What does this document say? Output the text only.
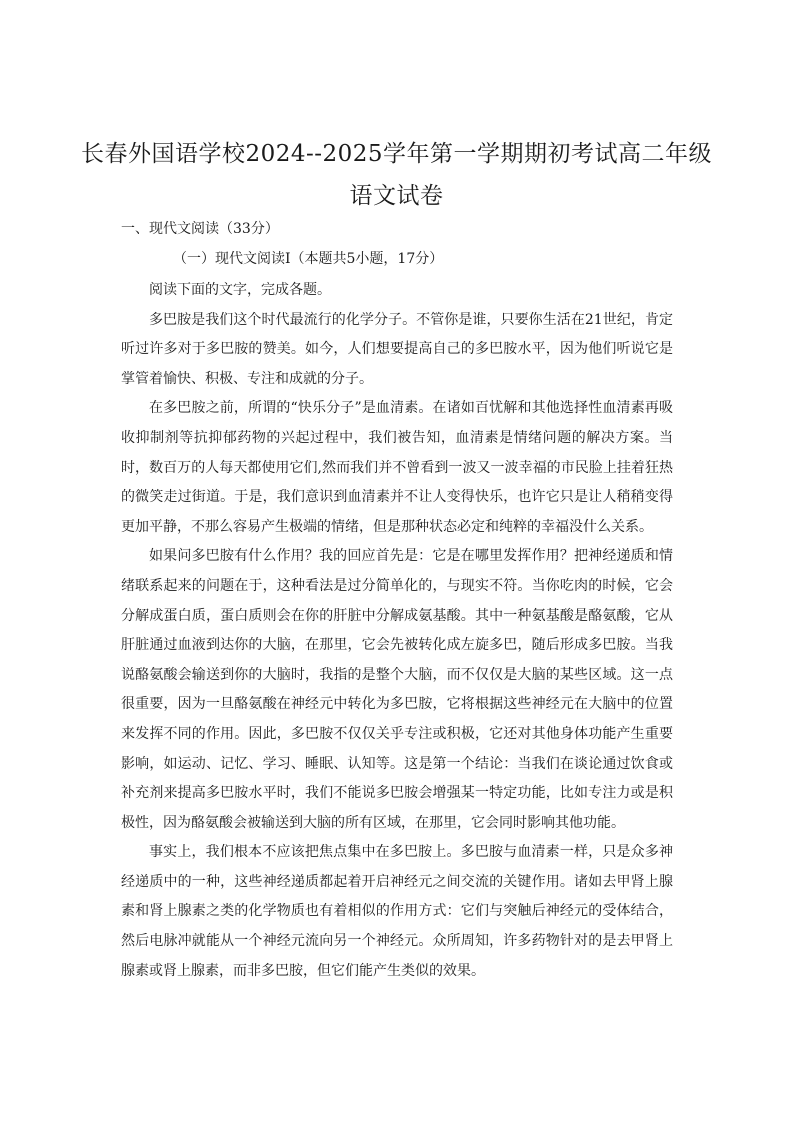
长春外国语学校2024--2025学年第一学期期初考试高二年级
语文试卷
一、现代文阅读（33分）
（一）现代文阅读I（本题共5小题，17分）

阅读下面的文字，完成各题。

多巴胺是我们这个时代最流行的化学分子。不管你是谁，只要你生活在21世纪，肯定听过许多对于多巴胺的赞美。如今，人们想要提高自己的多巴胺水平，因为他们听说它是掌管着愉快、积极、专注和成就的分子。

在多巴胺之前，所谓的“快乐分子”是血清素。在诸如百忧解和其他选择性血清素再吸收抑制剂等抗抑郁药物的兴起过程中，我们被告知，血清素是情绪问题的解决方案。当时，数百万的人每天都使用它们,然而我们并不曾看到一波又一波幸福的市民脸上挂着狂热的微笑走过街道。于是，我们意识到血清素并不让人变得快乐，也许它只是让人稍稍变得更加平静，不那么容易产生极端的情绪，但是那种状态必定和纯粹的幸福没什么关系。

如果问多巴胺有什么作用？我的回应首先是：它是在哪里发挥作用？把神经递质和情绪联系起来的问题在于，这种看法是过分简单化的，与现实不符。当你吃肉的时候，它会分解成蛋白质，蛋白质则会在你的肝脏中分解成氨基酸。其中一种氨基酸是酪氨酸，它从肝脏通过血液到达你的大脑，在那里，它会先被转化成左旋多巴，随后形成多巴胺。当我说酪氨酸会输送到你的大脑时，我指的是整个大脑，而不仅仅是大脑的某些区域。这一点很重要，因为一旦酪氨酸在神经元中转化为多巴胺，它将根据这些神经元在大脑中的位置来发挥不同的作用。因此，多巴胺不仅仅关乎专注或积极，它还对其他身体功能产生重要影响，如运动、记忆、学习、睡眠、认知等。这是第一个结论：当我们在谈论通过饮食或补充剂来提高多巴胺水平时，我们不能说多巴胺会增强某一特定功能，比如专注力或是积极性，因为酪氨酸会被输送到大脑的所有区域，在那里，它会同时影响其他功能。

事实上，我们根本不应该把焦点集中在多巴胺上。多巴胺与血清素一样，只是众多神经递质中的一种，这些神经递质都起着开启神经元之间交流的关键作用。诸如去甲肾上腺素和肾上腺素之类的化学物质也有着相似的作用方式：它们与突触后神经元的受体结合，然后电脉冲就能从一个神经元流向另一个神经元。众所周知，许多药物针对的是去甲肾上腺素或肾上腺素，而非多巴胺，但它们能产生类似的效果。
